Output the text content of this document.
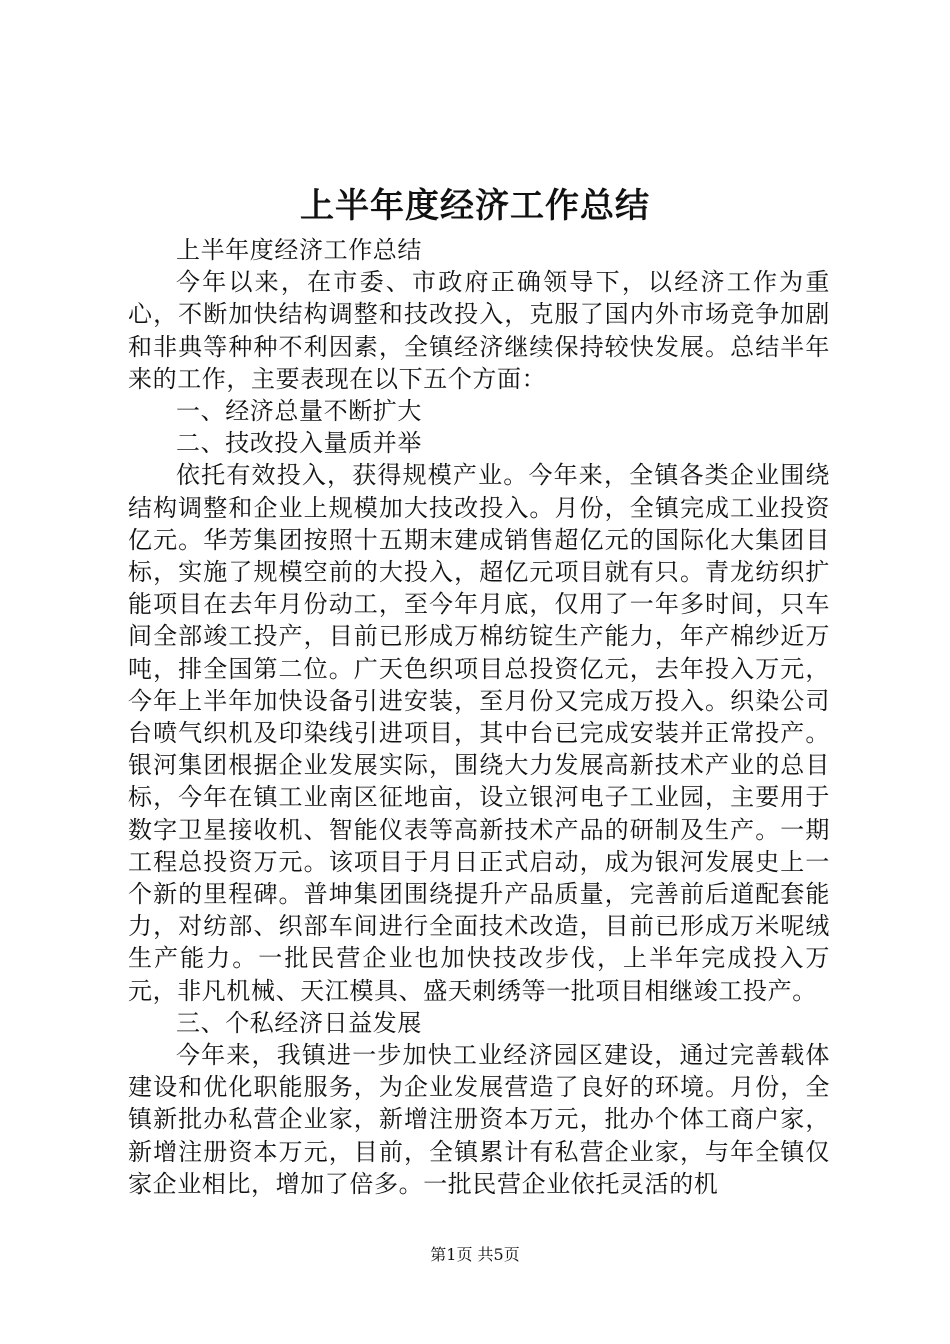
上半年度经济工作总结

上半年度经济工作总结

今年以来，在市委、市政府正确领导下，以经济工作为重心，不断加快结构调整和技改投入，克服了国内外市场竞争加剧和非典等种种不利因素，全镇经济继续保持较快发展。总结半年来的工作，主要表现在以下五个方面：

一、经济总量不断扩大

二、技改投入量质并举

依托有效投入，获得规模产业。今年来，全镇各类企业围绕结构调整和企业上规模加大技改投入。月份，全镇完成工业投资亿元。华芳集团按照十五期末建成销售超亿元的国际化大集团目标，实施了规模空前的大投入，超亿元项目就有只。青龙纺织扩能项目在去年月份动工，至今年月底，仅用了一年多时间，只车间全部竣工投产，目前已形成万棉纺锭生产能力，年产棉纱近万吨，排全国第二位。广天色织项目总投资亿元，去年投入万元，今年上半年加快设备引进安装，至月份又完成万投入。织染公司台喷气织机及印染线引进项目，其中台已完成安装并正常投产。银河集团根据企业发展实际，围绕大力发展高新技术产业的总目标，今年在镇工业南区征地亩，设立银河电子工业园，主要用于数字卫星接收机、智能仪表等高新技术产品的研制及生产。一期工程总投资万元。该项目于月日正式启动，成为银河发展史上一个新的里程碑。普坤集团围绕提升产品质量，完善前后道配套能力，对纺部、织部车间进行全面技术改造，目前已形成万米呢绒生产能力。一批民营企业也加快技改步伐，上半年完成投入万元，非凡机械、天江模具、盛天刺绣等一批项目相继竣工投产。

三、个私经济日益发展

今年来，我镇进一步加快工业经济园区建设，通过完善载体建设和优化职能服务，为企业发展营造了良好的环境。月份，全镇新批办私营企业家，新增注册资本万元，批办个体工商户家，新增注册资本万元，目前，全镇累计有私营企业家，与年全镇仅家企业相比，增加了倍多。一批民营企业依托灵活的机

第1页 共5页
